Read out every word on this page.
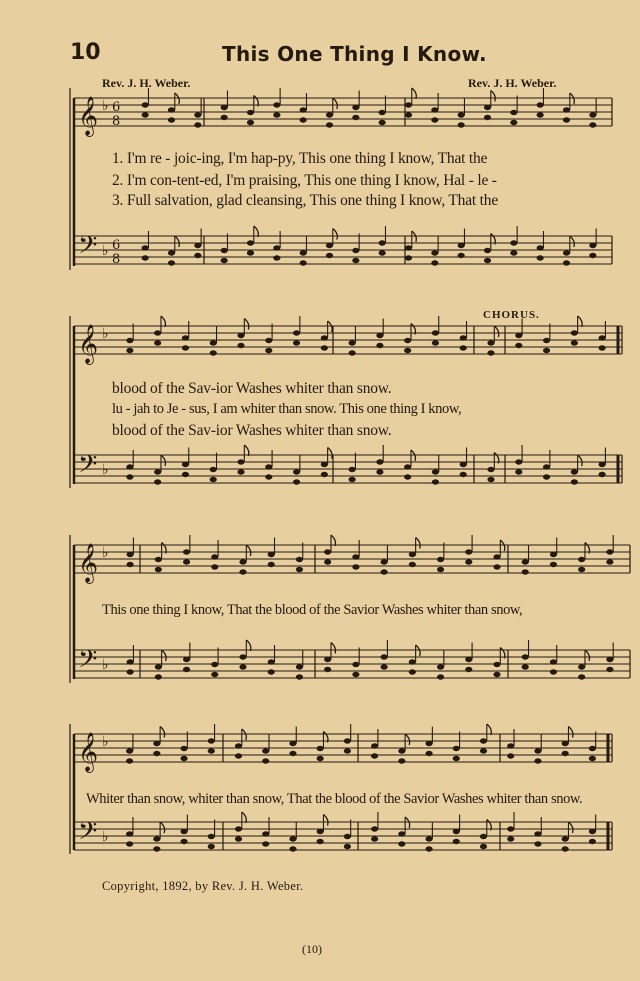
10	This One Thing I Know.
Rev. J. H. Weber.	Rev. J. H. Weber.
𝄞
𝄢
♭
♭
6
8
6
8
𝄞
𝄢
♭
♭
𝄞
𝄢
♭
♭
𝄞
𝄢
♭
♭
1. I'm re - joic-ing, I'm hap-py, This one thing I know, That the
2. I'm con-tent-ed, I'm praising, This one thing I know, Hal - le -
3. Full salvation, glad cleansing, This one thing I know, That the
CHORUS.
blood of the Sav-ior Washes whiter than snow.
lu - jah to Je - sus, I am whiter than snow. This one thing I know,
blood of the Sav-ior Washes whiter than snow.
This one thing I know, That the blood of the Savior Washes whiter than snow,
Whiter than snow, whiter than snow, That the blood of the Savior Washes whiter than snow.
Copyright, 1892, by Rev. J. H. Weber.
(10)
